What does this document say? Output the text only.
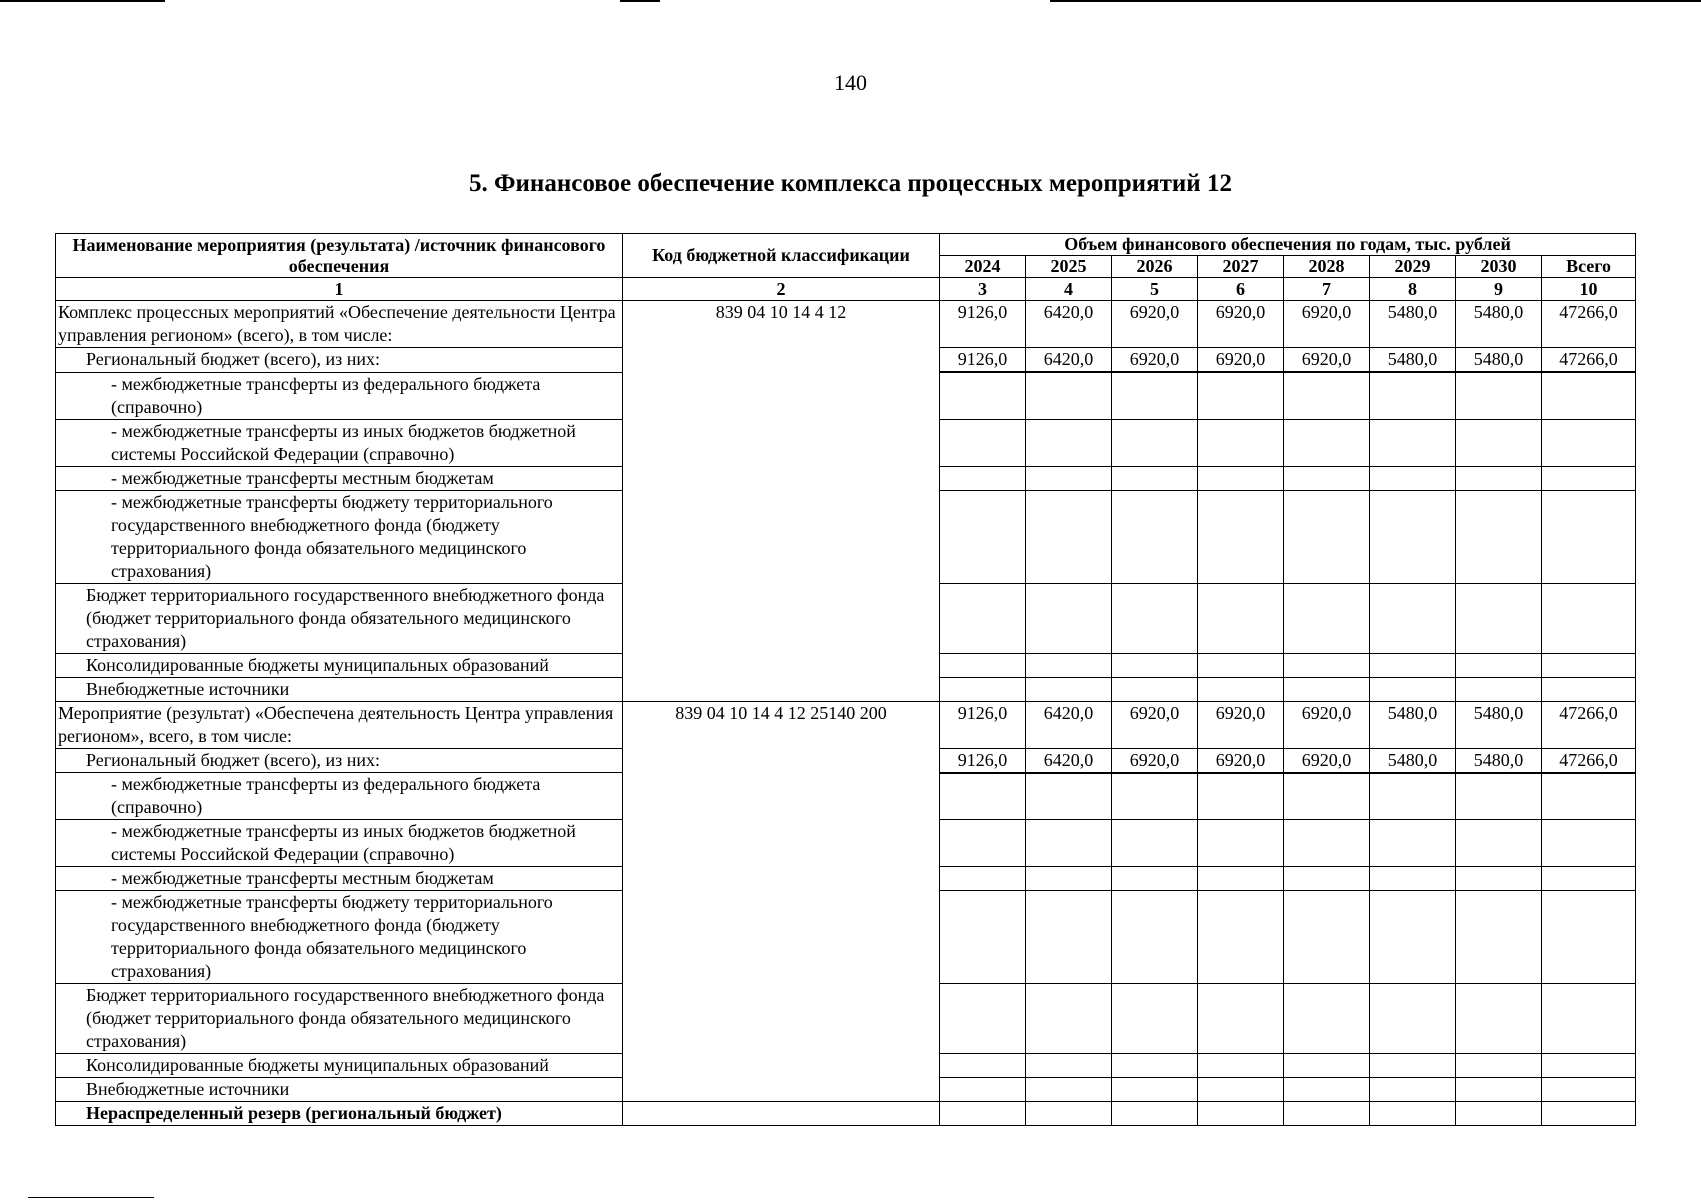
140
5. Финансовое обеспечение комплекса процессных мероприятий 12
Наименование мероприятия (результата) /источник финансового обеспечения	Код бюджетной классификации	Объем финансового обеспечения по годам, тыс. рублей							
		2024	2025	2026	2027	2028	2029	2030	Всего
1	2	3	4	5	6	7	8	9	10
Комплекс процессных мероприятий «Обеспечение деятельности Центра управления регионом» (всего), в том числе:	839 04 10 14 4 12	9126,0	6420,0	6920,0	6920,0	6920,0	5480,0	5480,0	47266,0
Региональный бюджет (всего), из них:		9126,0	6420,0	6920,0	6920,0	6920,0	5480,0	5480,0	47266,0
- межбюджетные трансферты из федерального бюджета (справочно)									
- межбюджетные трансферты из иных бюджетов бюджетной системы Российской Федерации (справочно)									
- межбюджетные трансферты местным бюджетам									
- межбюджетные трансферты бюджету территориального государственного внебюджетного фонда (бюджету территориального фонда обязательного медицинского страхования)									
Бюджет территориального государственного внебюджетного фонда (бюджет территориального фонда обязательного медицинского страхования)									
Консолидированные бюджеты муниципальных образований									
Внебюджетные источники									
Мероприятие (результат) «Обеспечена деятельность Центра управления регионом», всего, в том числе:	839 04 10 14 4 12 25140 200	9126,0	6420,0	6920,0	6920,0	6920,0	5480,0	5480,0	47266,0
Региональный бюджет (всего), из них:		9126,0	6420,0	6920,0	6920,0	6920,0	5480,0	5480,0	47266,0
- межбюджетные трансферты из федерального бюджета (справочно)									
- межбюджетные трансферты из иных бюджетов бюджетной системы Российской Федерации (справочно)									
- межбюджетные трансферты местным бюджетам									
- межбюджетные трансферты бюджету территориального государственного внебюджетного фонда (бюджету территориального фонда обязательного медицинского страхования)									
Бюджет территориального государственного внебюджетного фонда (бюджет территориального фонда обязательного медицинского страхования)									
Консолидированные бюджеты муниципальных образований									
Внебюджетные источники									
Нераспределенный резерв (региональный бюджет)									
